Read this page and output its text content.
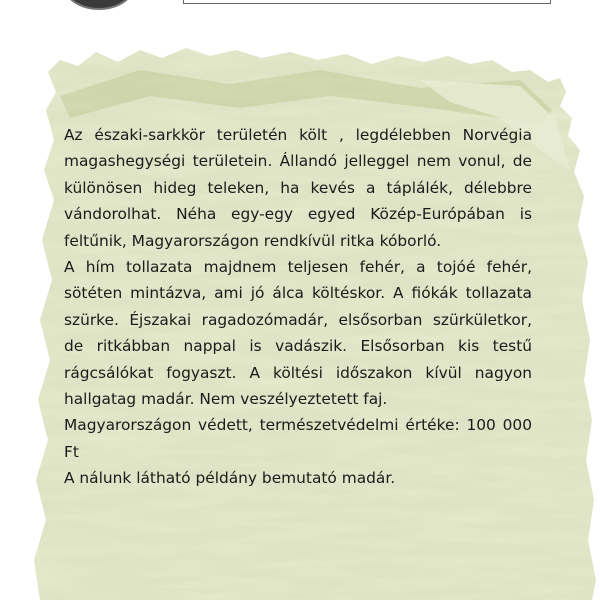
Az északi-sarkkör területén költ , legdélebben Norvégia magashegységi területein. Állandó jelleggel nem vonul, de különösen hideg teleken, ha kevés a táplálék, délebbre vándorolhat. Néha egy-egy egyed Közép-Európában is feltűnik, Magyarországon rendkívül ritka kóborló.

A hím tollazata majdnem teljesen fehér, a tojóé fehér, sötéten mintázva, ami jó álca költéskor. A fiókák tollazata szürke. Éjszakai ragadozómadár, elsősorban szürkületkor, de ritkábban nappal is vadászik. Elsősorban kis testű rágcsálókat fogyaszt. A költési időszakon kívül nagyon hallgatag madár. Nem veszélyeztetett faj.

Magyarországon védett, természetvédelmi értéke: 100 000 Ft

A nálunk látható példány bemutató madár.
